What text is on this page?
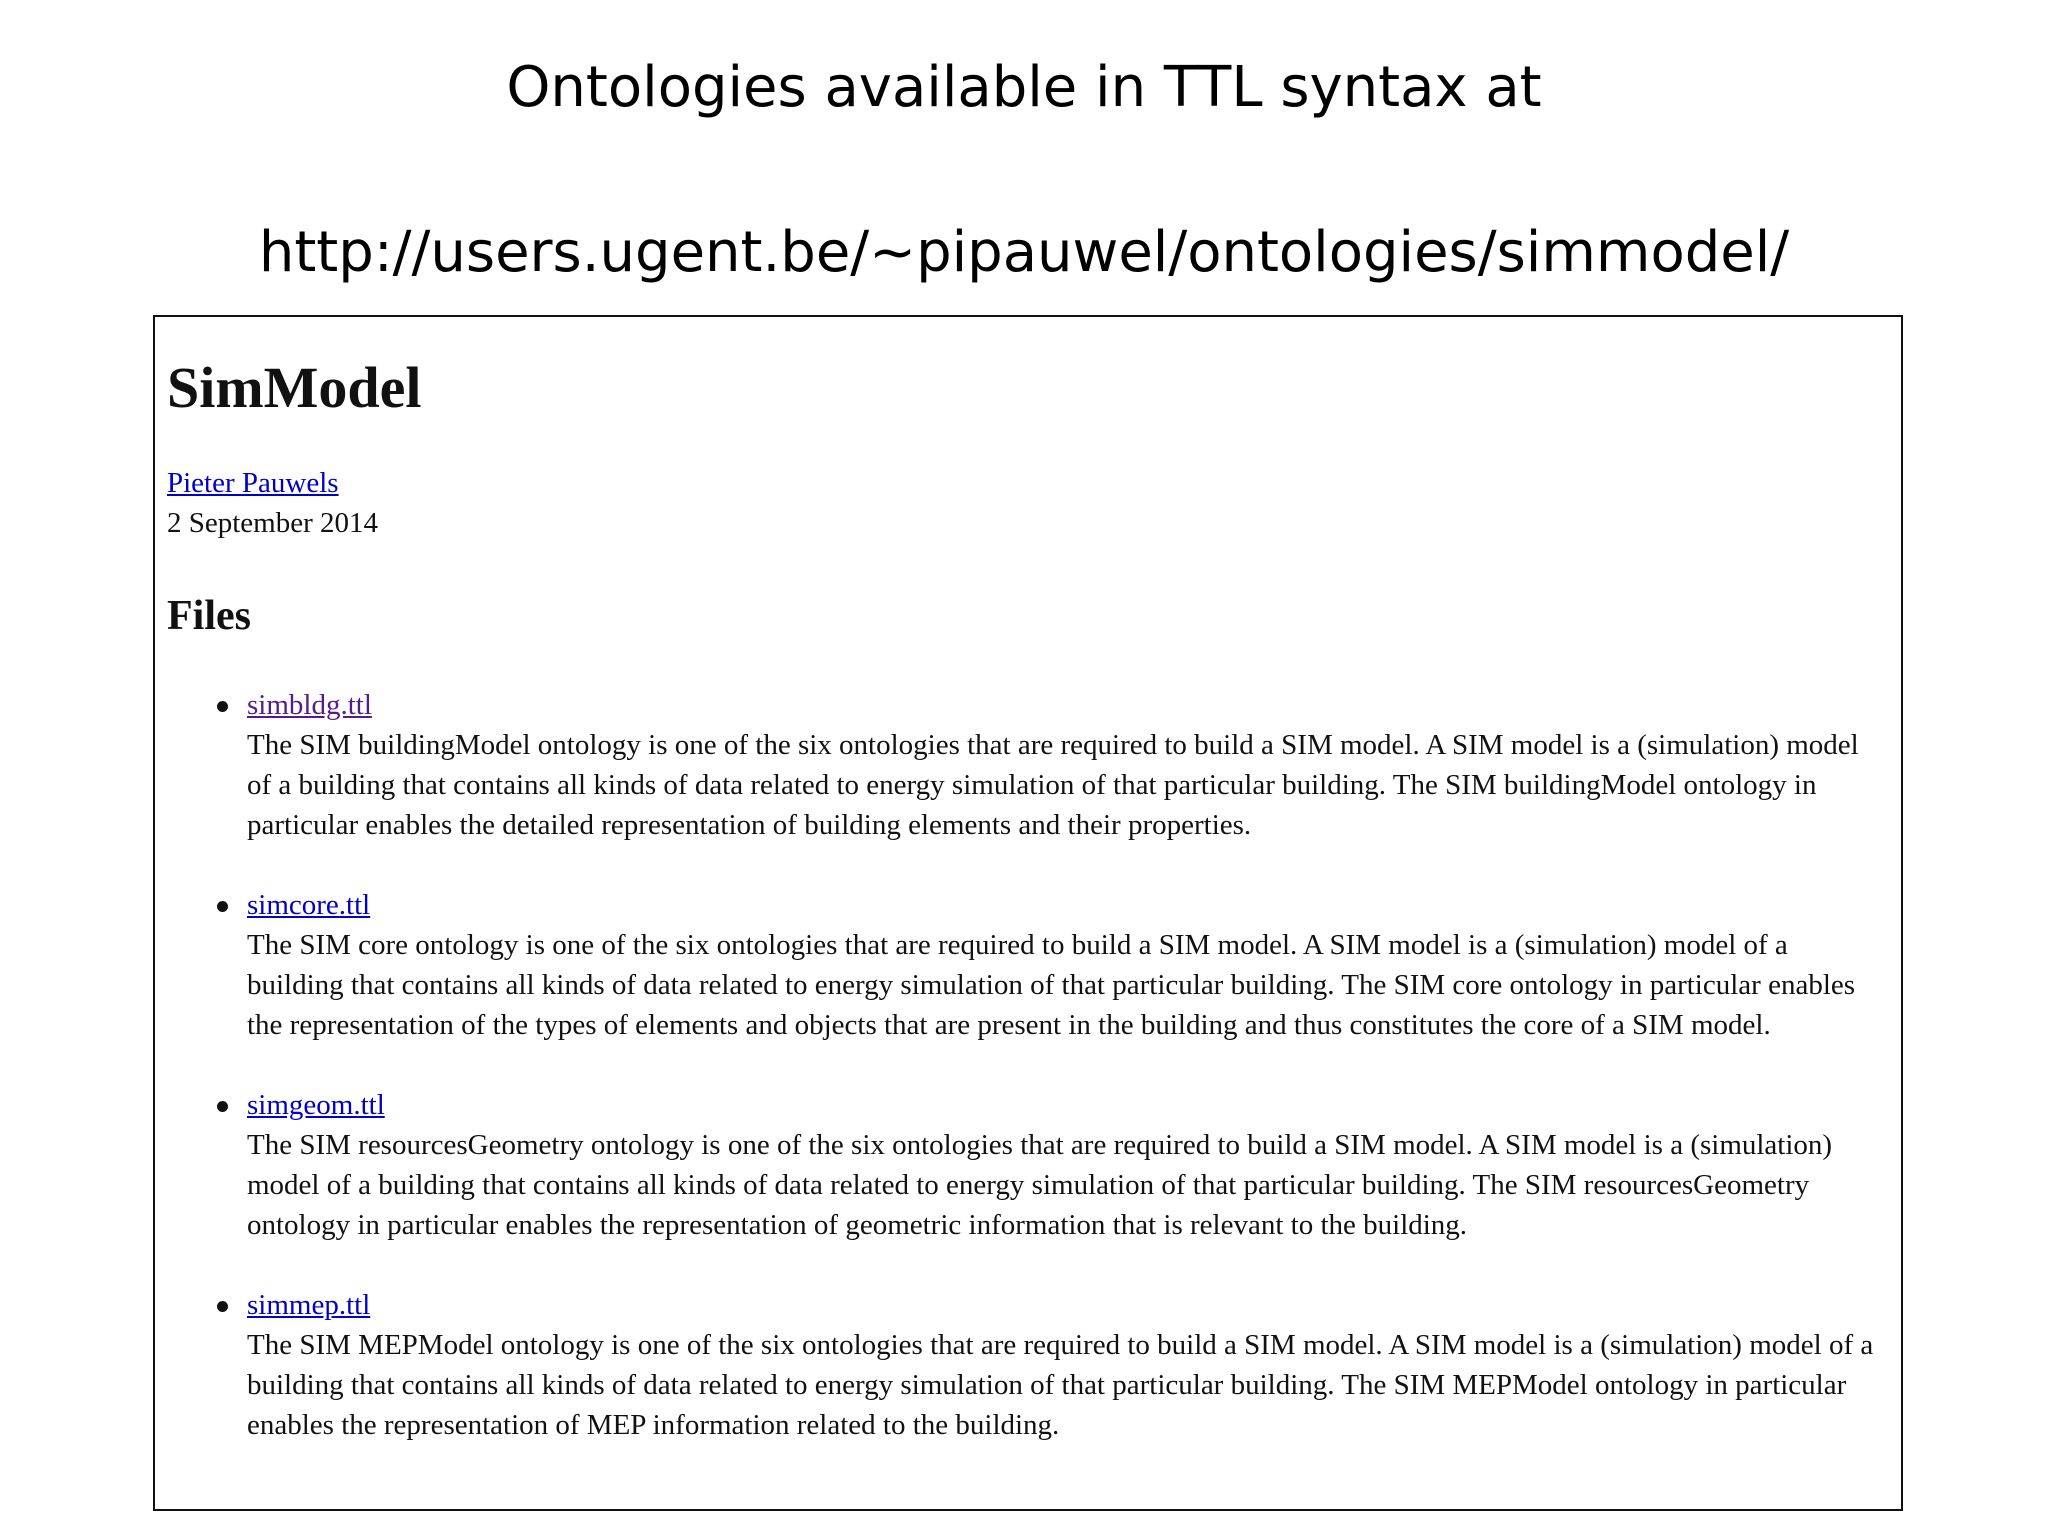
Ontologies available in TTL syntax at
http://users.ugent.be/~pipauwel/ontologies/simmodel/
SimModel
Pieter Pauwels
2 September 2014
Files
simbldg.ttl
The SIM buildingModel ontology is one of the six ontologies that are required to build a SIM model. A SIM model is a (simulation) model of a building that contains all kinds of data related to energy simulation of that particular building. The SIM buildingModel ontology in particular enables the detailed representation of building elements and their properties.
simcore.ttl
The SIM core ontology is one of the six ontologies that are required to build a SIM model. A SIM model is a (simulation) model of a building that contains all kinds of data related to energy simulation of that particular building. The SIM core ontology in particular enables the representation of the types of elements and objects that are present in the building and thus constitutes the core of a SIM model.
simgeom.ttl
The SIM resourcesGeometry ontology is one of the six ontologies that are required to build a SIM model. A SIM model is a (simulation) model of a building that contains all kinds of data related to energy simulation of that particular building. The SIM resourcesGeometry ontology in particular enables the representation of geometric information that is relevant to the building.
simmep.ttl
The SIM MEPModel ontology is one of the six ontologies that are required to build a SIM model. A SIM model is a (simulation) model of a building that contains all kinds of data related to energy simulation of that particular building. The SIM MEPModel ontology in particular enables the representation of MEP information related to the building.
